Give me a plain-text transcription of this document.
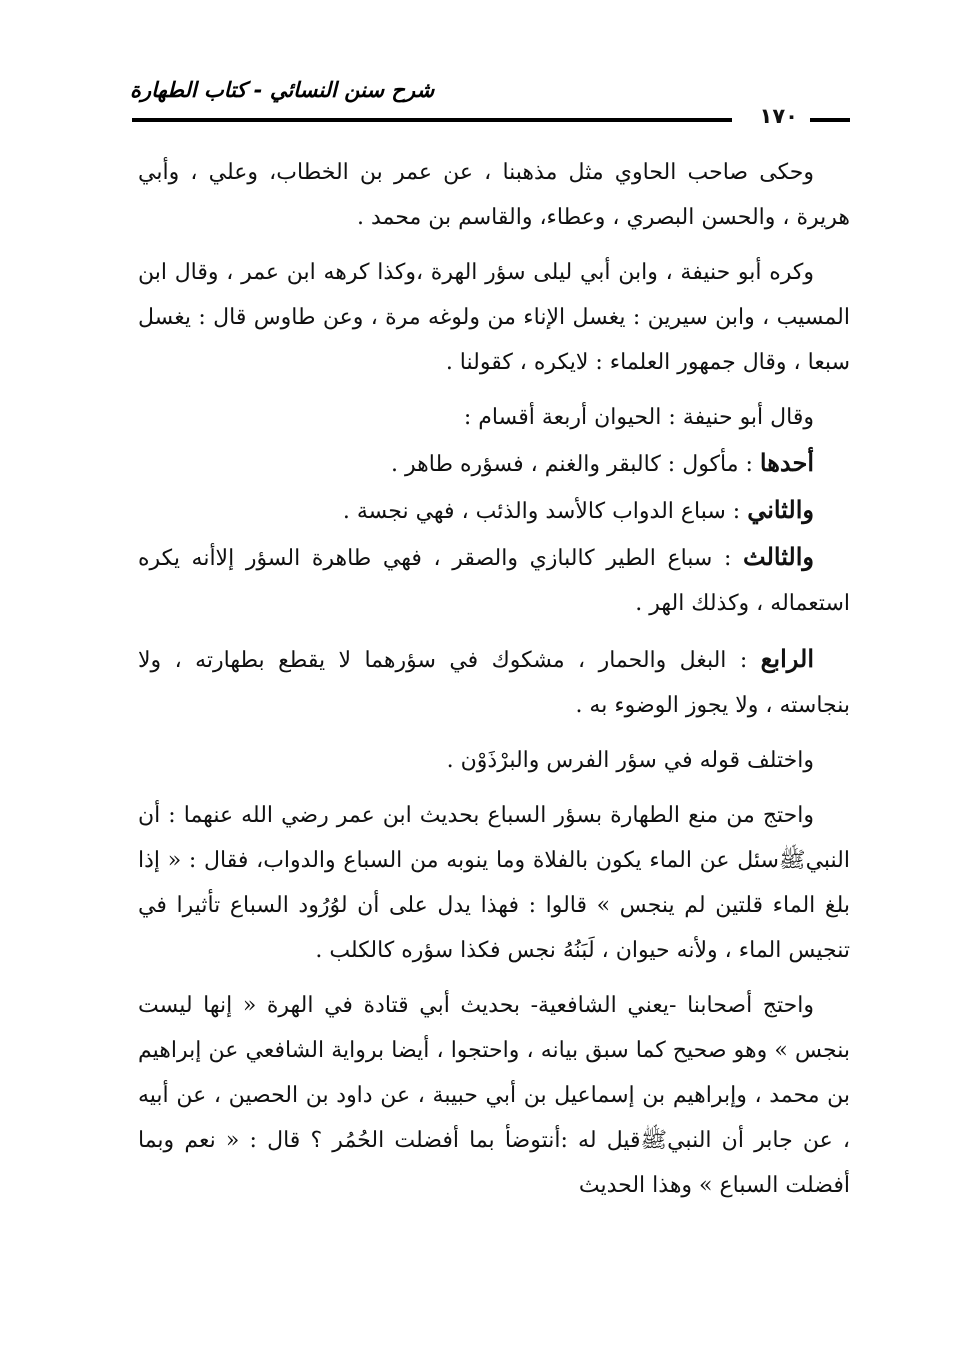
شرح سنن النسائي - كتاب الطهارة
١٧٠

وحكى صاحب الحاوي مثل مذهبنا ، عن عمر بن الخطاب، وعلي ، وأبي هريرة ، والحسن البصري ، وعطاء، والقاسم بن محمد .

وكره أبو حنيفة ، وابن أبي ليلى سؤر الهرة ،وكذا كرهه ابن عمر ، وقال ابن المسيب ، وابن سيرين : يغسل الإناء من ولوغه مرة ، وعن طاوس قال : يغسل سبعا ، وقال جمهور العلماء : لايكره ، كقولنا .

وقال أبو حنيفة : الحيوان أربعة أقسام :

أحدها : مأكول : كالبقر والغنم ، فسؤره طاهر .

والثاني : سباع الدواب كالأسد والذئب ، فهي نجسة .

والثالث : سباع الطير كالبازي والصقر ، فهي طاهرة السؤر إلاأنه يكره استعماله ، وكذلك الهر .

الرابع : البغل والحمار ، مشكوك في سؤرهما لا يقطع بطهارته ، ولا بنجاسته ، ولا يجوز الوضوء به .

واختلف قوله في سؤر الفرس والبرْذَوْن .

واحتج من منع الطهارة بسؤر السباع بحديث ابن عمر رضي الله عنهما : أن النبيﷺسئل عن الماء يكون بالفلاة وما ينوبه من السباع والدواب، فقال : « إذا بلغ الماء قلتين لم ينجس » قالوا : فهذا يدل على أن لوُرُود السباع تأثيرا في تنجيس الماء ، ولأنه حيوان ، لَبَنُهُ نجس فكذا سؤره كالكلب .

واحتج أصحابنا -يعني الشافعية- بحديث أبي قتادة في الهرة « إنها ليست بنجس » وهو صحيح كما سبق بيانه ، واحتجوا ، أيضا برواية الشافعي عن إبراهيم بن محمد ، وإبراهيم بن إسماعيل بن أبي حبيبة ، عن داود بن الحصين ، عن أبيه ، عن جابر أن النبيﷺقيل له :أنتوضأ بما أفضلت الحُمُر ؟ قال : « نعم وبما أفضلت السباع » وهذا الحديث
